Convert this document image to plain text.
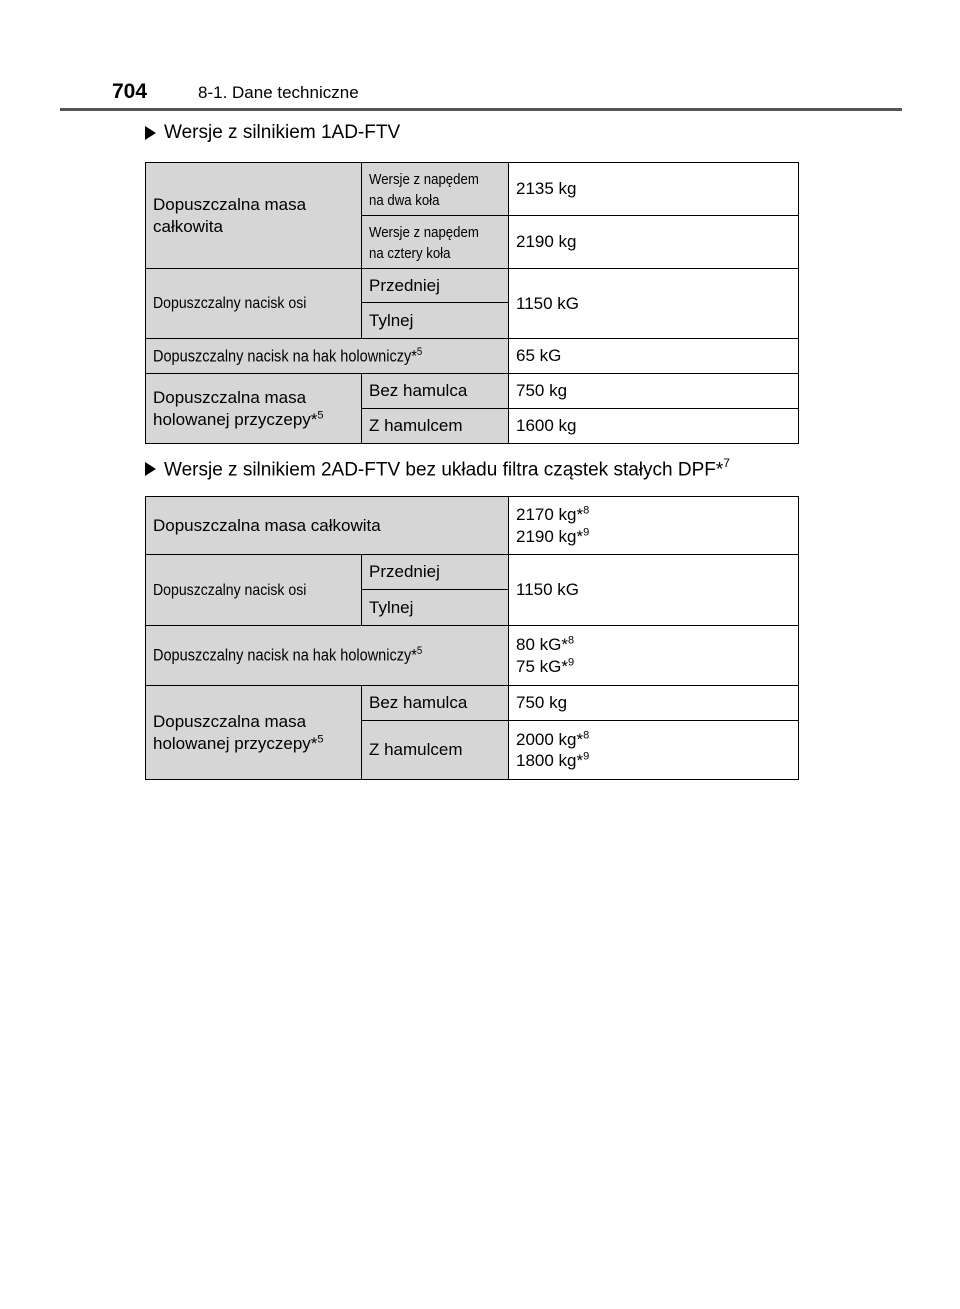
704	8-1. Dane techniczne
Wersje z silnikiem 1AD-FTV
Dopuszczalna masa całkowita	Wersje z napędem
na dwa koła	2135 kg
	Wersje z napędem
na cztery koła	2190 kg
Dopuszczalny nacisk osi	Przedniej	1150 kG
	Tylnej	
Dopuszczalny nacisk na hak holowniczy*$^5$		65 kG

Dopuszczalna masa
holowanej przyczepy*$^5$	Bez hamulca	750 kg
	Z hamulcem	1600 kg
Wersje z silnikiem 2AD-FTV bez układu filtra cząstek stałych DPF*$^7$
Dopuszczalna masa całkowita		2170 kg*$^8$
2190 kg*$^9$

Dopuszczalny nacisk osi	Przedniej	1150 kG
	Tylnej	
Dopuszczalny nacisk na hak holowniczy*$^5$		80 kG*$^8$
75 kG*$^9$

Dopuszczalna masa
holowanej przyczepy*$^5$	Bez hamulca	750 kg
	Z hamulcem	2000 kg*$^8$
1800 kg*$^9$
